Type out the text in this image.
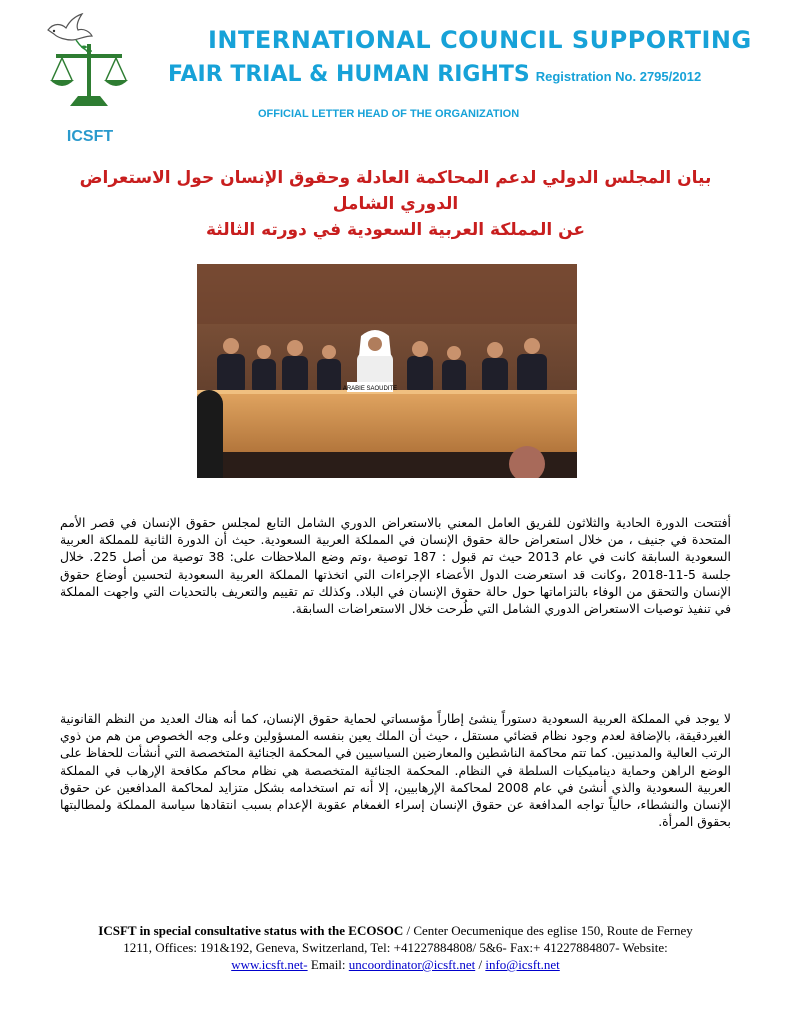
ICSFT
INTERNATIONAL COUNCIL SUPPORTING
FAIR TRIAL & HUMAN RIGHTS Registration No. 2795/2012
OFFICIAL LETTER HEAD OF THE ORGANIZATION
بيان المجلس الدولي لدعم المحاكمة العادلة وحقوق الإنسان حول الاستعراض الدوري الشامل
عن المملكة العربية السعودية في دورته الثالثة
ARABIE SAOUDITE
أفتتحت الدورة الحادية والثلاثون للفريق العامل المعني بالاستعراض الدوري الشامل التابع لمجلس حقوق الإنسان في قصر الأمم المتحدة في جنيف ، من خلال استعراض حالة حقوق الإنسان في المملكة العربية السعودية. حيث أن الدورة الثانية للمملكة العربية السعودية السابقة كانت في عام 2013 حيث تم قبول : 187 توصية ،وتم وضع الملاحظات على: 38 توصية من أصل 225. خلال جلسة 5-11-2018 ،وكانت قد استعرضت الدول الأعضاء الإجراءات التي اتخذتها المملكة العربية السعودية لتحسين أوضاع حقوق الإنسان والتحقق من الوفاء بالتزاماتها حول حالة حقوق الإنسان في البلاد. وكذلك تم تقييم والتعريف بالتحديات التي واجهت المملكة في تنفيذ توصيات الاستعراض الدوري الشامل التي طُرحت خلال الاستعراضات السابقة.
لا يوجد في المملكة العربية السعودية دستوراً ينشئ إطاراً مؤسساتي لحماية حقوق الإنسان، كما أنه هناك العديد من النظم القانونية الغيردقيقة، بالإضافة لعدم وجود نظام قضائي مستقل ، حيث أن الملك يعين بنفسه المسؤولين وعلى وجه الخصوص من هم من ذوي الرتب العالية والمدنيين. كما تتم محاكمة الناشطين والمعارضين السياسيين في المحكمة الجنائية المتخصصة التي أنشأت للحفاظ على الوضع الراهن وحماية ديناميكيات السلطة في النظام. المحكمة الجنائية المتخصصة هي نظام محاكم مكافحة الإرهاب في المملكة العربية السعودية والذي أنشئ في عام 2008 لمحاكمة الإرهابيين، إلا أنه تم استخدامه بشكل متزايد لمحاكمة المدافعين عن حقوق الإنسان والنشطاء، حالياً تواجه المدافعة عن حقوق الإنسان إسراء الغمغام عقوبة الإعدام بسبب انتقادها سياسة المملكة ولمطالبتها بحقوق المرأة.
ICSFT in special consultative status with the ECOSOC / Center Oecumenique des eglise 150, Route de Ferney
1211, Offices: 191&192, Geneva, Switzerland, Tel: +41227884808/ 5&6- Fax:+ 41227884807- Website:
www.icsft.net- Email: uncoordinator@icsft.net / info@icsft.net
